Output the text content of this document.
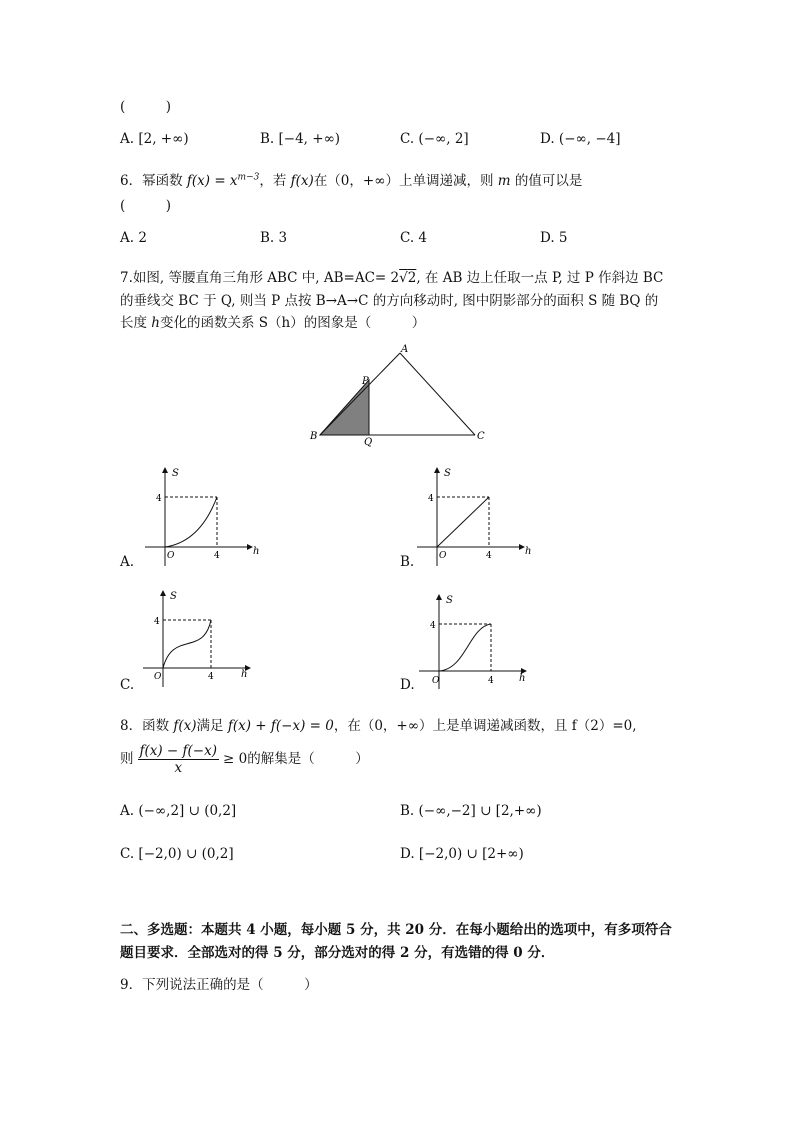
(　　　)
A. [2, +∞)	B. [−4, +∞)	C. (−∞, 2]	D. (−∞, −4]
6．幂函数 $f(x) = x^{m-3}$，若 f(x)在（0，+∞）上单调递减，则 m 的值可以是
(　　　)
A. 2	B. 3	C. 4	D. 5
7.如图, 等腰直角三角形 ABC 中, AB=AC= 2√2, 在 AB 边上任取一点 P, 过 P 作斜边 BC
的垂线交 BC 于 Q, 则当 P 点按 B→A→C 的方向移动时, 图中阴影部分的面积 S 随 BQ 的
长度 h变化的函数关系 S（h）的图象是（　　　）
A
B	C
P
Q
S
4
4
O	h
A.
S
4
4
O	h
B.
S
4
4
O	h
C.
S
4
4
O	h
D.
8．函数 f(x)满足 f(x) + f(−x) = 0，在（0，+∞）上是单调递减函数，且 f（2）=0,
则 $\frac{f(x) - f(-x)}{x} \ge 0$的解集是（　　　）
A. (−∞,2] ∪ (0,2]	B. (−∞,−2] ∪ [2,+∞)
C. [−2,0) ∪ (0,2]	D. [−2,0) ∪ [2+∞)
二、多选题：本题共 4 小题，每小题 5 分，共 20 分．在每小题给出的选项中，有多项符合
题目要求．全部选对的得 5 分，部分选对的得 2 分，有选错的得 0 分．
9．下列说法正确的是（　　　）
